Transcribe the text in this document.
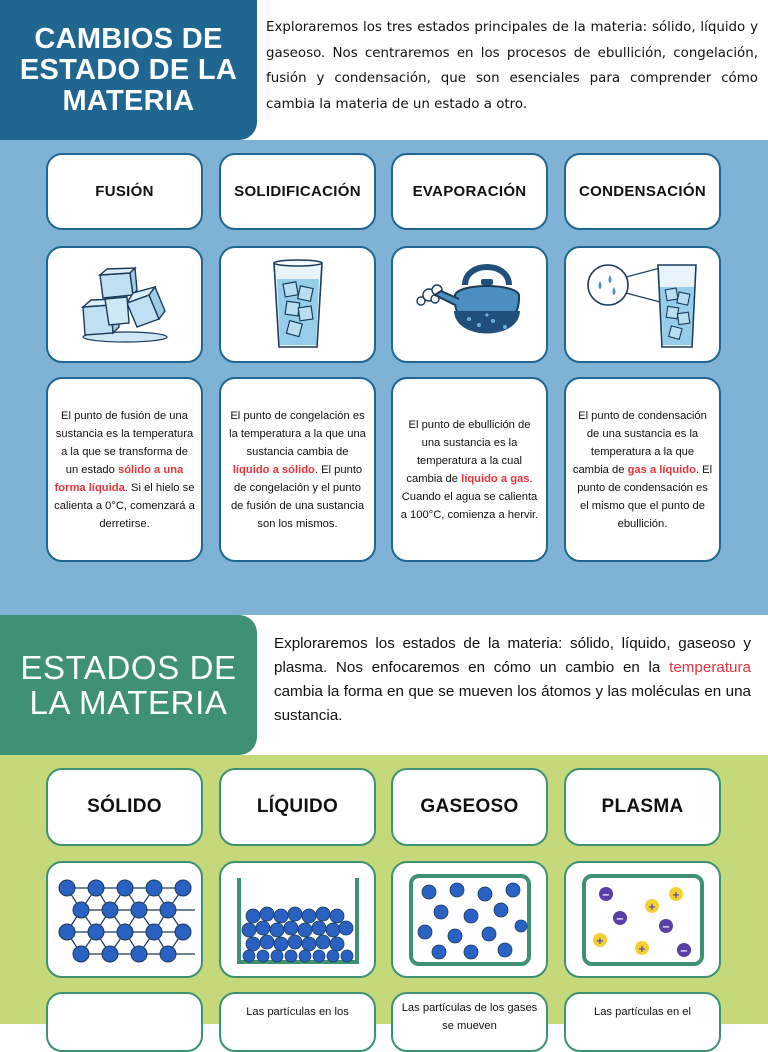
CAMBIOS DE ESTADO DE LA MATERIA
Exploraremos los tres estados principales de la materia: sólido, líquido y gaseoso. Nos centraremos en los procesos de ebullición, congelación, fusión y condensación, que son esenciales para comprender cómo cambia la materia de un estado a otro.
FUSIÓN	SOLIDIFICACIÓN	EVAPORACIÓN	CONDENSACIÓN
El punto de fusión de una sustancia es la temperatura a la que se transforma de un estado sólido a una forma líquida. Si el hielo se calienta a 0°C, comenzará a derretirse.
El punto de congelación es la temperatura a la que una sustancia cambia de líquido a sólido. El punto de congelación y el punto de fusión de una sustancia son los mismos.
El punto de ebullición de una sustancia es la temperatura a la cual cambia de líquido a gas. Cuando el agua se calienta a 100°C, comienza a hervir.
El punto de condensación de una sustancia es la temperatura a la que cambia de gas a líquido. El punto de condensación es el mismo que el punto de ebullición.
ESTADOS DE LA MATERIA
Exploraremos los estados de la materia: sólido, líquido, gaseoso y plasma. Nos enfocaremos en cómo un cambio en la temperatura cambia la forma en que se mueven los átomos y las moléculas en una sustancia.
SÓLIDO	LÍQUIDO	GASEOSO	PLASMA
−	+
+
−
−
+
+	−
Las partículas en los	Las partículas de los gases se mueven
Las partículas en el
